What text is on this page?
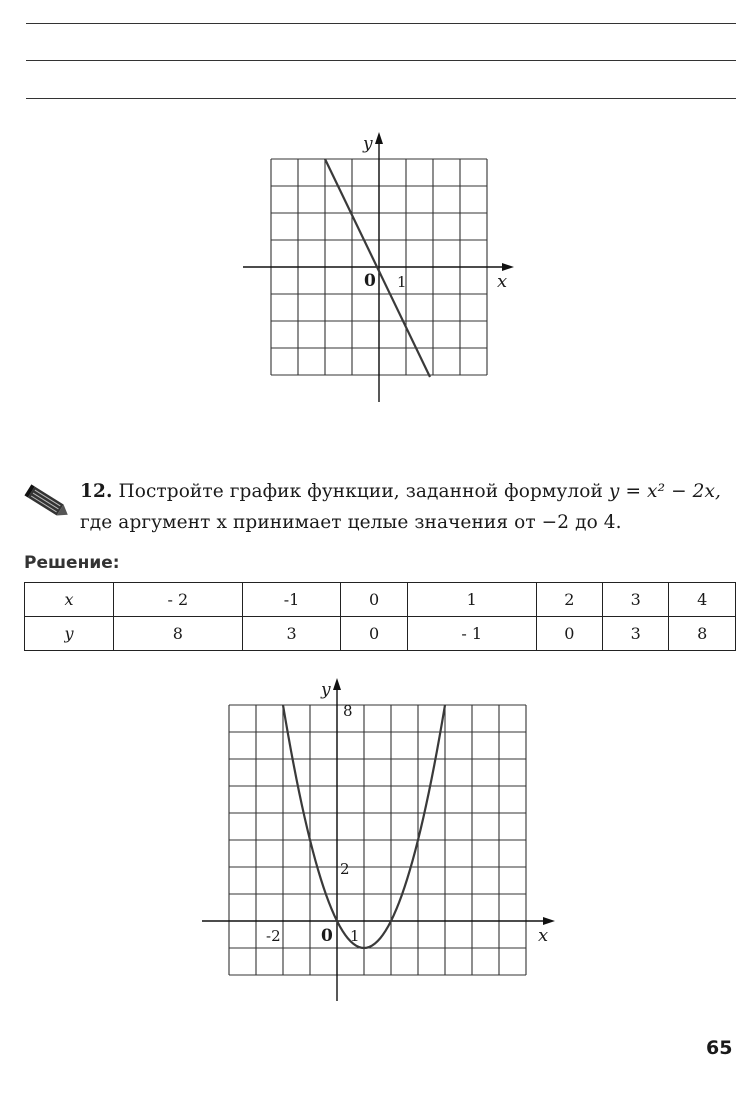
0 1	x
y
0 1
-2
2
8
x
y
12. Постройте график функции, заданной формулой y = x² − 2x,
где аргумент x принимает целые значения от −2 до 4.
Решение:
x	- 2	-1	0	1	2	3	4
y	8	3	0	- 1	0	3	8
65
